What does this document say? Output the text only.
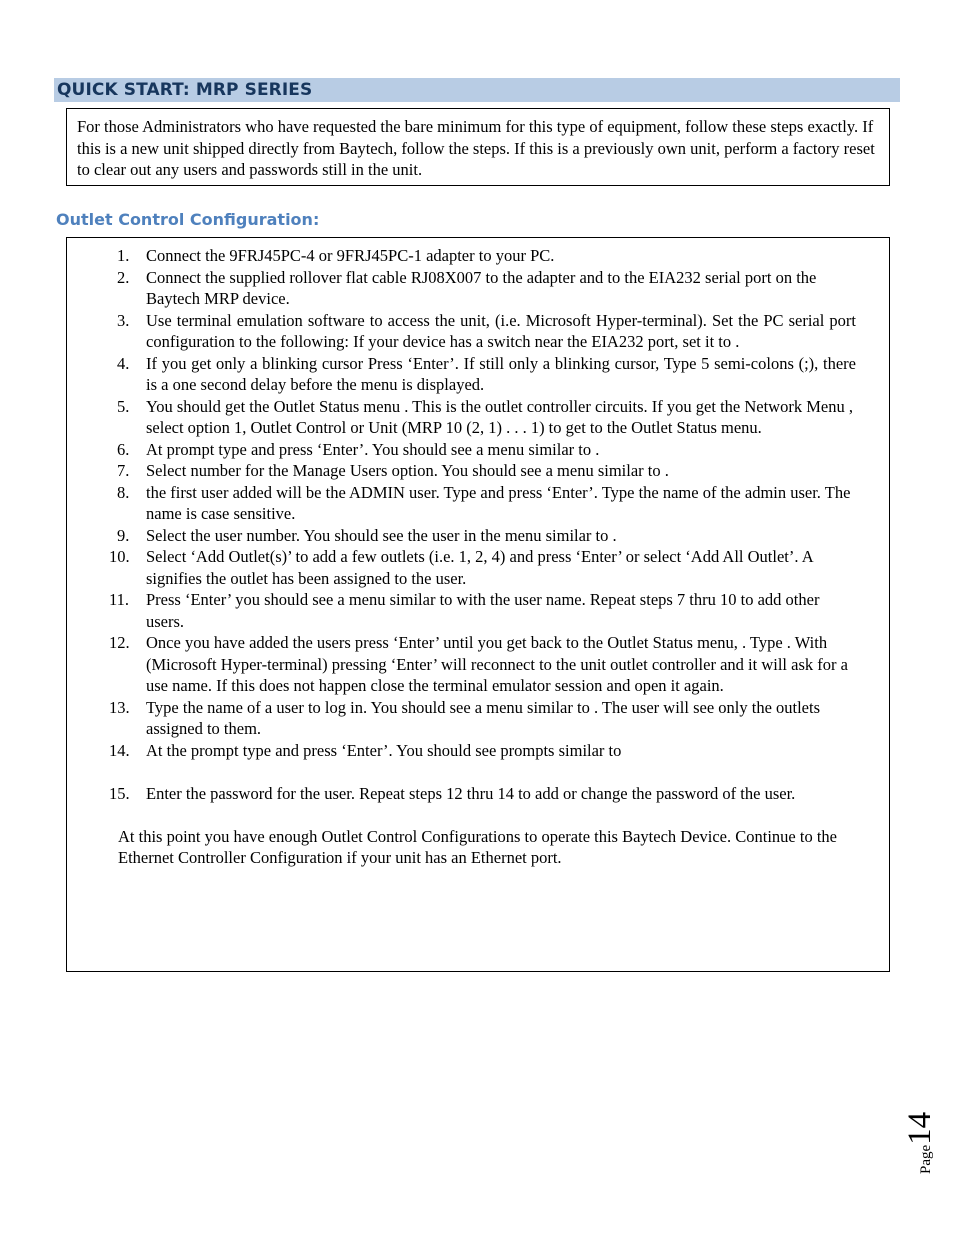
QUICK START: MRP SERIES
For those Administrators who have requested the bare minimum for this type of equipment, follow these steps exactly. If this is a new unit shipped directly from Baytech, follow the steps. If this is a previously own unit, perform a factory reset to clear out any users and passwords still in the unit.
Outlet Control Configuration:
1. Connect the 9FRJ45PC-4 or 9FRJ45PC-1 adapter to your PC.
2. Connect the supplied rollover flat cable RJ08X007 to the adapter and to the EIA232 serial port on the Baytech MRP device.
3. Use terminal emulation software to access the unit, (i.e. Microsoft Hyper-terminal). Set the PC serial port configuration to the following: If your device has a switch near the EIA232 port, set it to .
4. If you get only a blinking cursor Press ‘Enter’. If still only a blinking cursor, Type 5 semi-colons (;), there is a one second delay before the menu is displayed.
5. You should get the Outlet Status menu . This is the outlet controller circuits. If you get the Network Menu , select option 1, Outlet Control or Unit (MRP 10 (2, 1) . . . 1) to get to the Outlet Status menu.
6. At prompt type and press ‘Enter’. You should see a menu similar to .
7. Select number for the Manage Users option. You should see a menu similar to .
8. the first user added will be the ADMIN user. Type and press ‘Enter’. Type the name of the admin user. The name is case sensitive.
9. Select the user number. You should see the user in the menu similar to .
10. Select ‘Add Outlet(s)’ to add a few outlets (i.e. 1, 2, 4) and press ‘Enter’ or select ‘Add All Outlet’. A signifies the outlet has been assigned to the user.
11. Press ‘Enter’ you should see a menu similar to with the user name. Repeat steps 7 thru 10 to add other users.
12. Once you have added the users press ‘Enter’ until you get back to the Outlet Status menu, . Type . With (Microsoft Hyper-terminal) pressing ‘Enter’ will reconnect to the unit outlet controller and it will ask for a use name. If this does not happen close the terminal emulator session and open it again.
13. Type the name of a user to log in. You should see a menu similar to . The user will see only the outlets assigned to them.
14. At the prompt type and press ‘Enter’. You should see prompts similar to
15. Enter the password for the user. Repeat steps 12 thru 14 to add or change the password of the user.
At this point you have enough Outlet Control Configurations to operate this Baytech Device. Continue to the Ethernet Controller Configuration if your unit has an Ethernet port.
Page14
